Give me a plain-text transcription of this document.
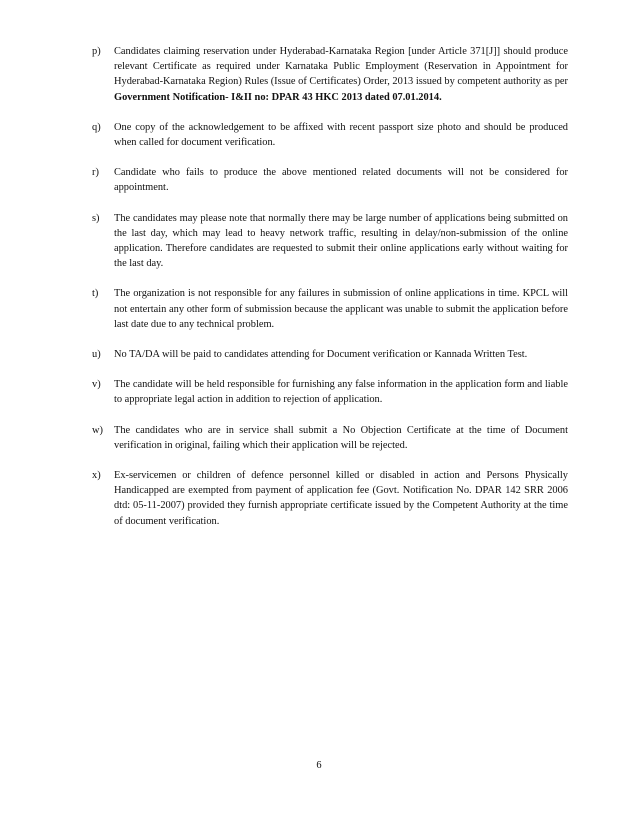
p) Candidates claiming reservation under Hyderabad-Karnataka Region [under Article 371[J]] should produce relevant Certificate as required under Karnataka Public Employment (Reservation in Appointment for Hyderabad-Karnataka Region) Rules (Issue of Certificates) Order, 2013 issued by competent authority as per Government Notification- I&II no: DPAR 43 HKC 2013 dated 07.01.2014.
q) One copy of the acknowledgement to be affixed with recent passport size photo and should be produced when called for document verification.
r) Candidate who fails to produce the above mentioned related documents will not be considered for appointment.
s) The candidates may please note that normally there may be large number of applications being submitted on the last day, which may lead to heavy network traffic, resulting in delay/non-submission of the online application. Therefore candidates are requested to submit their online applications early without waiting for the last day.
t) The organization is not responsible for any failures in submission of online applications in time. KPCL will not entertain any other form of submission because the applicant was unable to submit the application before last date due to any technical problem.
u) No TA/DA will be paid to candidates attending for Document verification or Kannada Written Test.
v) The candidate will be held responsible for furnishing any false information in the application form and liable to appropriate legal action in addition to rejection of application.
w) The candidates who are in service shall submit a No Objection Certificate at the time of Document verification in original, failing which their application will be rejected.
x) Ex-servicemen or children of defence personnel killed or disabled in action and Persons Physically Handicapped are exempted from payment of application fee (Govt. Notification No. DPAR 142 SRR 2006 dtd: 05-11-2007) provided they furnish appropriate certificate issued by the Competent Authority at the time of document verification.
6
